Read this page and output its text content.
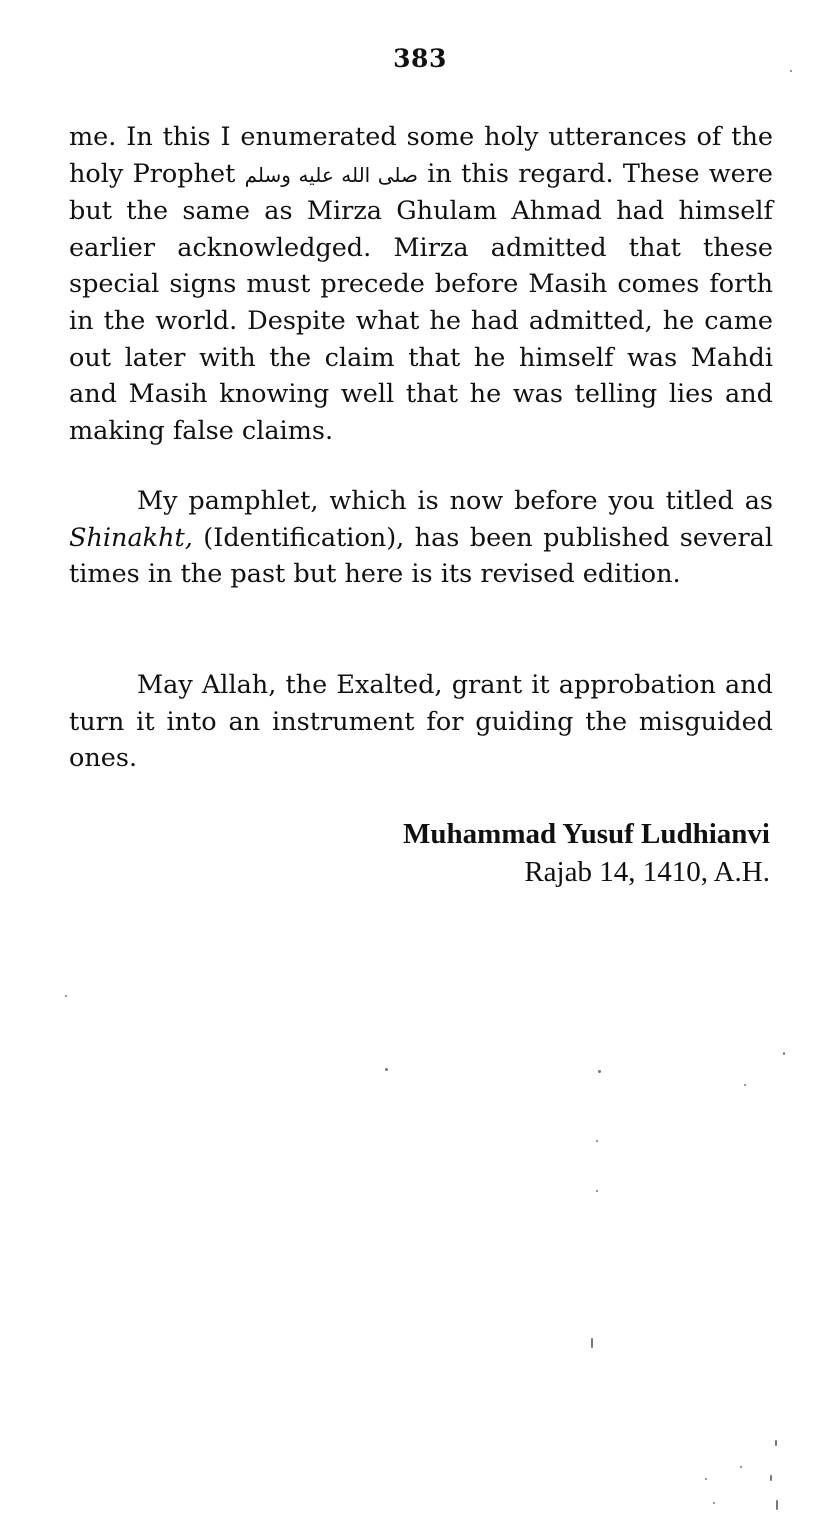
383

me. In this I enumerated some holy utterances of the holy Prophet صلى الله عليه وسلم in this regard. These were but the same as Mirza Ghulam Ahmad had himself earlier acknowledged. Mirza admitted that these special signs must precede before Masih comes forth in the world. Despite what he had admitted, he came out later with the claim that he himself was Mahdi and Masih knowing well that he was telling lies and making false claims.

My pamphlet, which is now before you titled as Shinakht, (Identification), has been published several times in the past but here is its revised edition.

May Allah, the Exalted, grant it approbation and turn it into an instrument for guiding the misguided ones.

Muhammad Yusuf Ludhianvi
Rajab 14, 1410, A.H.
